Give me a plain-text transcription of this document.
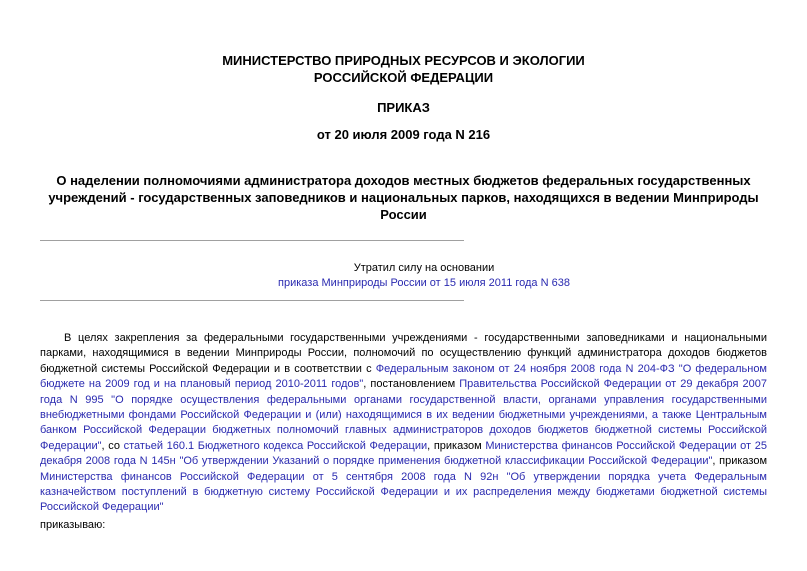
МИНИСТЕРСТВО ПРИРОДНЫХ РЕСУРСОВ И ЭКОЛОГИИ
РОССИЙСКОЙ ФЕДЕРАЦИИ
ПРИКАЗ
от 20 июля 2009 года N 216
О наделении полномочиями администратора доходов местных бюджетов федеральных государственных учреждений - государственных заповедников и национальных парков, находящихся в ведении Минприроды России
Утратил силу на основании
приказа Минприроды России от 15 июля 2011 года N 638
В целях закрепления за федеральными государственными учреждениями - государственными заповедниками и национальными парками, находящимися в ведении Минприроды России, полномочий по осуществлению функций администратора доходов бюджетов бюджетной системы Российской Федерации и в соответствии с Федеральным законом от 24 ноября 2008 года N 204-ФЗ "О федеральном бюджете на 2009 год и на плановый период 2010-2011 годов", постановлением Правительства Российской Федерации от 29 декабря 2007 года N 995 "О порядке осуществления федеральными органами государственной власти, органами управления государственными внебюджетными фондами Российской Федерации и (или) находящимися в их ведении бюджетными учреждениями, а также Центральным банком Российской Федерации бюджетных полномочий главных администраторов доходов бюджетов бюджетной системы Российской Федерации", со статьей 160.1 Бюджетного кодекса Российской Федерации, приказом Министерства финансов Российской Федерации от 25 декабря 2008 года N 145н "Об утверждении Указаний о порядке применения бюджетной классификации Российской Федерации", приказом Министерства финансов Российской Федерации от 5 сентября 2008 года N 92н "Об утверждении порядка учета Федеральным казначейством поступлений в бюджетную систему Российской Федерации и их распределения между бюджетами бюджетной системы Российской Федерации"
приказываю:
